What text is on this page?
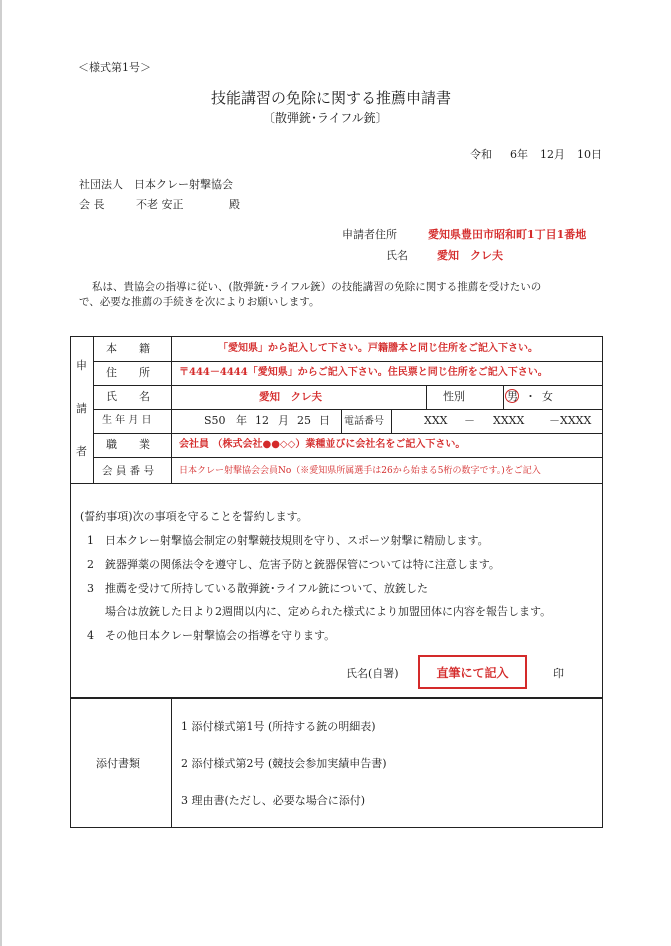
＜様式第1号＞
技能講習の免除に関する推薦申請書
〔散弾銃･ライフル銃〕
令和 6年 12月 10日
社団法人　日本クレー射撃協会
会 長	不老 安正	殿
申請者住所	愛知県豊田市昭和町1丁目1番地
氏名	愛知　クレ夫
私は、貴協会の指導に従い、(散弾銃･ライフル銃）の技能講習の免除に関する推薦を受けたいの
で、必要な推薦の手続きを次によりお願いします。
申
請
者
本　　籍	「愛知県」から記入して下さい。戸籍謄本と同じ住所をご記入下さい。
住　　所	〒444－4444「愛知県」からご記入下さい。住民票と同じ住所をご記入下さい。
氏　　名	愛知　クレ夫	性別	男 ・ 女
生 年 月 日	S50 年 12 月 25 日 電話番号	XXX － XXXX －XXXX
職　　業	会社員 （株式会社●●◇◇）業種並びに会社名をご記入下さい。
会 員 番 号	日本クレー射撃協会会員No（※愛知県所属選手は26から始まる5桁の数字です。)をご記入
(誓約事項)次の事項を守ることを誓約します。
1　日本クレー射撃協会制定の射撃競技規則を守り、スポーツ射撃に精励します。
2　銃器弾薬の関係法令を遵守し、危害予防と銃器保管については特に注意します。
3　推薦を受けて所持している散弾銃･ライフル銃について、放銃した
場合は放銃した日より2週間以内に、定められた様式により加盟団体に内容を報告します。
4　その他日本クレー射撃協会の指導を守ります。
氏名(自署)	直筆にて記入	印
添付書類
1 添付様式第1号 (所持する銃の明細表)
2 添付様式第2号 (競技会参加実績申告書)
3 理由書(ただし、必要な場合に添付)
